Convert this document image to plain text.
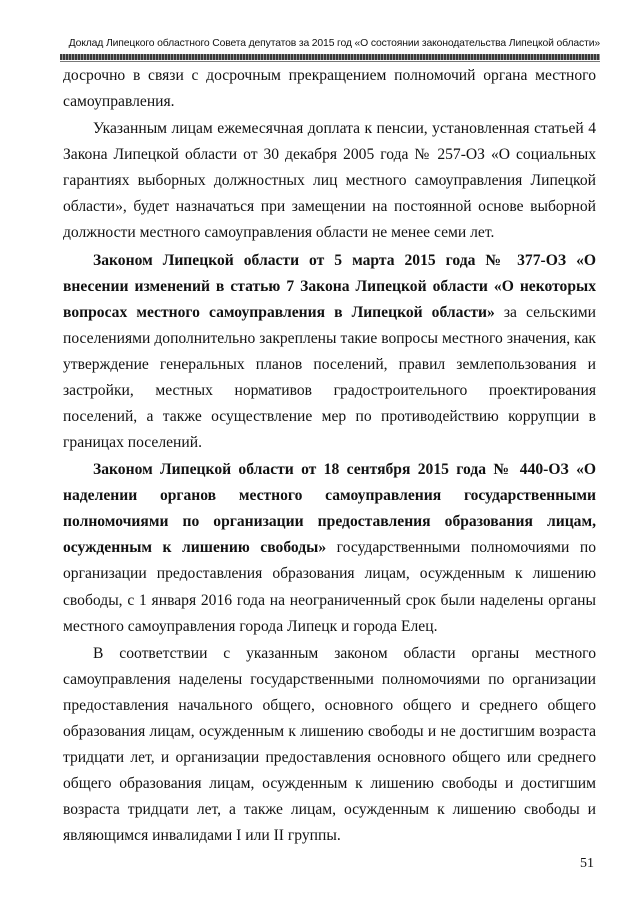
Доклад Липецкого областного Совета депутатов за 2015 год «О состоянии законодательства Липецкой области»

досрочно в связи с досрочным прекращением полномочий органа местного самоуправления.

Указанным лицам ежемесячная доплата к пенсии, установленная статьей 4 Закона Липецкой области от 30 декабря 2005 года № 257-ОЗ «О социальных гарантиях выборных должностных лиц местного самоуправления Липецкой области», будет назначаться при замещении на постоянной основе выборной должности местного самоуправления области не менее семи лет.

Законом Липецкой области от 5 марта 2015 года № 377-ОЗ «О внесении изменений в статью 7 Закона Липецкой области «О некоторых вопросах местного самоуправления в Липецкой области» за сельскими поселениями дополнительно закреплены такие вопросы местного значения, как утверждение генеральных планов поселений, правил землепользования и застройки, местных нормативов градостроительного проектирования поселений, а также осуществление мер по противодействию коррупции в границах поселений.

Законом Липецкой области от 18 сентября 2015 года № 440-ОЗ «О наделении органов местного самоуправления государственными полномочиями по организации предоставления образования лицам, осужденным к лишению свободы» государственными полномочиями по организации предоставления образования лицам, осужденным к лишению свободы, с 1 января 2016 года на неограниченный срок были наделены органы местного самоуправления города Липецк и города Елец.

В соответствии с указанным законом области органы местного самоуправления наделены государственными полномочиями по организации предоставления начального общего, основного общего и среднего общего образования лицам, осужденным к лишению свободы и не достигшим возраста тридцати лет, и организации предоставления основного общего или среднего общего образования лицам, осужденным к лишению свободы и достигшим возраста тридцати лет, а также лицам, осужденным к лишению свободы и являющимся инвалидами I или II группы.

51
